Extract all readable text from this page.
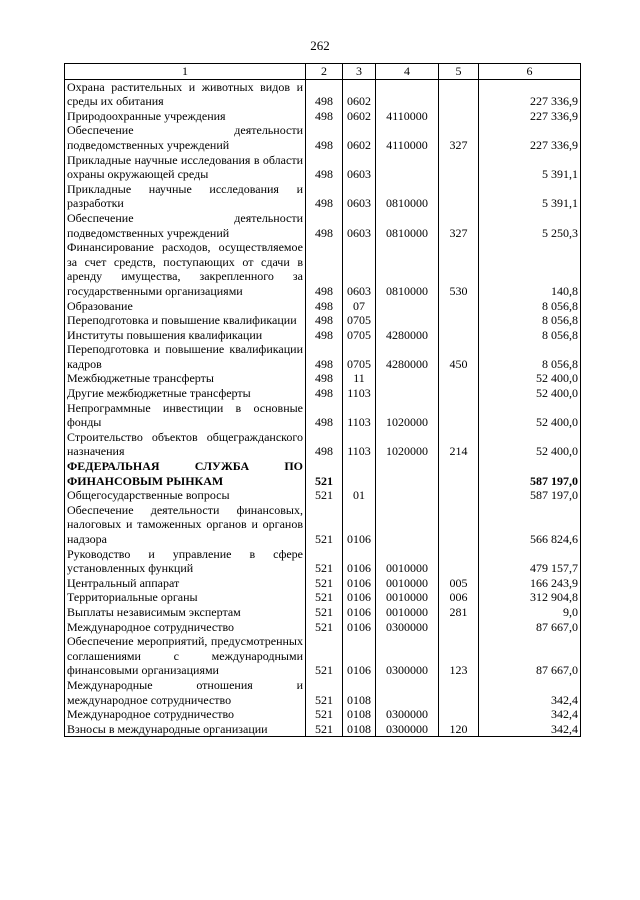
262
1	2	3	4	5	6
Охрана растительных и животных видов и среды их обитания	498	0602			227 336,9
Природоохранные учреждения	498	0602	4110000		227 336,9
Обеспечение деятельности подведомственных учреждений	498	0602	4110000	327	227 336,9
Прикладные научные исследования в области охраны окружающей среды	498	0603			5 391,1
Прикладные научные исследования и разработки	498	0603	0810000		5 391,1
Обеспечение деятельности подведомственных учреждений	498	0603	0810000	327	5 250,3
Финансирование расходов, осуществляемое за счет средств, поступающих от сдачи в аренду имущества, закрепленного за государственными организациями	498	0603	0810000	530	140,8
Образование	498	07			8 056,8
Переподготовка и повышение квалификации	498	0705			8 056,8
Институты повышения квалификации	498	0705	4280000		8 056,8
Переподготовка и повышение квалификации кадров	498	0705	4280000	450	8 056,8
Межбюджетные трансферты	498	11			52 400,0
Другие межбюджетные трансферты	498	1103			52 400,0
Непрограммные инвестиции в основные фонды	498	1103	1020000		52 400,0
Строительство объектов общегражданского назначения	498	1103	1020000	214	52 400,0
ФЕДЕРАЛЬНАЯ СЛУЖБА ПО ФИНАНСОВЫМ РЫНКАМ	521				587 197,0
Общегосударственные вопросы	521	01			587 197,0
Обеспечение деятельности финансовых, налоговых и таможенных органов и органов надзора	521	0106			566 824,6
Руководство и управление в сфере установленных функций	521	0106	0010000		479 157,7
Центральный аппарат	521	0106	0010000	005	166 243,9
Территориальные органы	521	0106	0010000	006	312 904,8
Выплаты независимым экспертам	521	0106	0010000	281	9,0
Международное сотрудничество	521	0106	0300000		87 667,0
Обеспечение мероприятий, предусмотренных соглашениями с международными финансовыми организациями	521	0106	0300000	123	87 667,0
Международные отношения и международное сотрудничество	521	0108			342,4
Международное сотрудничество	521	0108	0300000		342,4
Взносы в международные организации	521	0108	0300000	120	342,4
